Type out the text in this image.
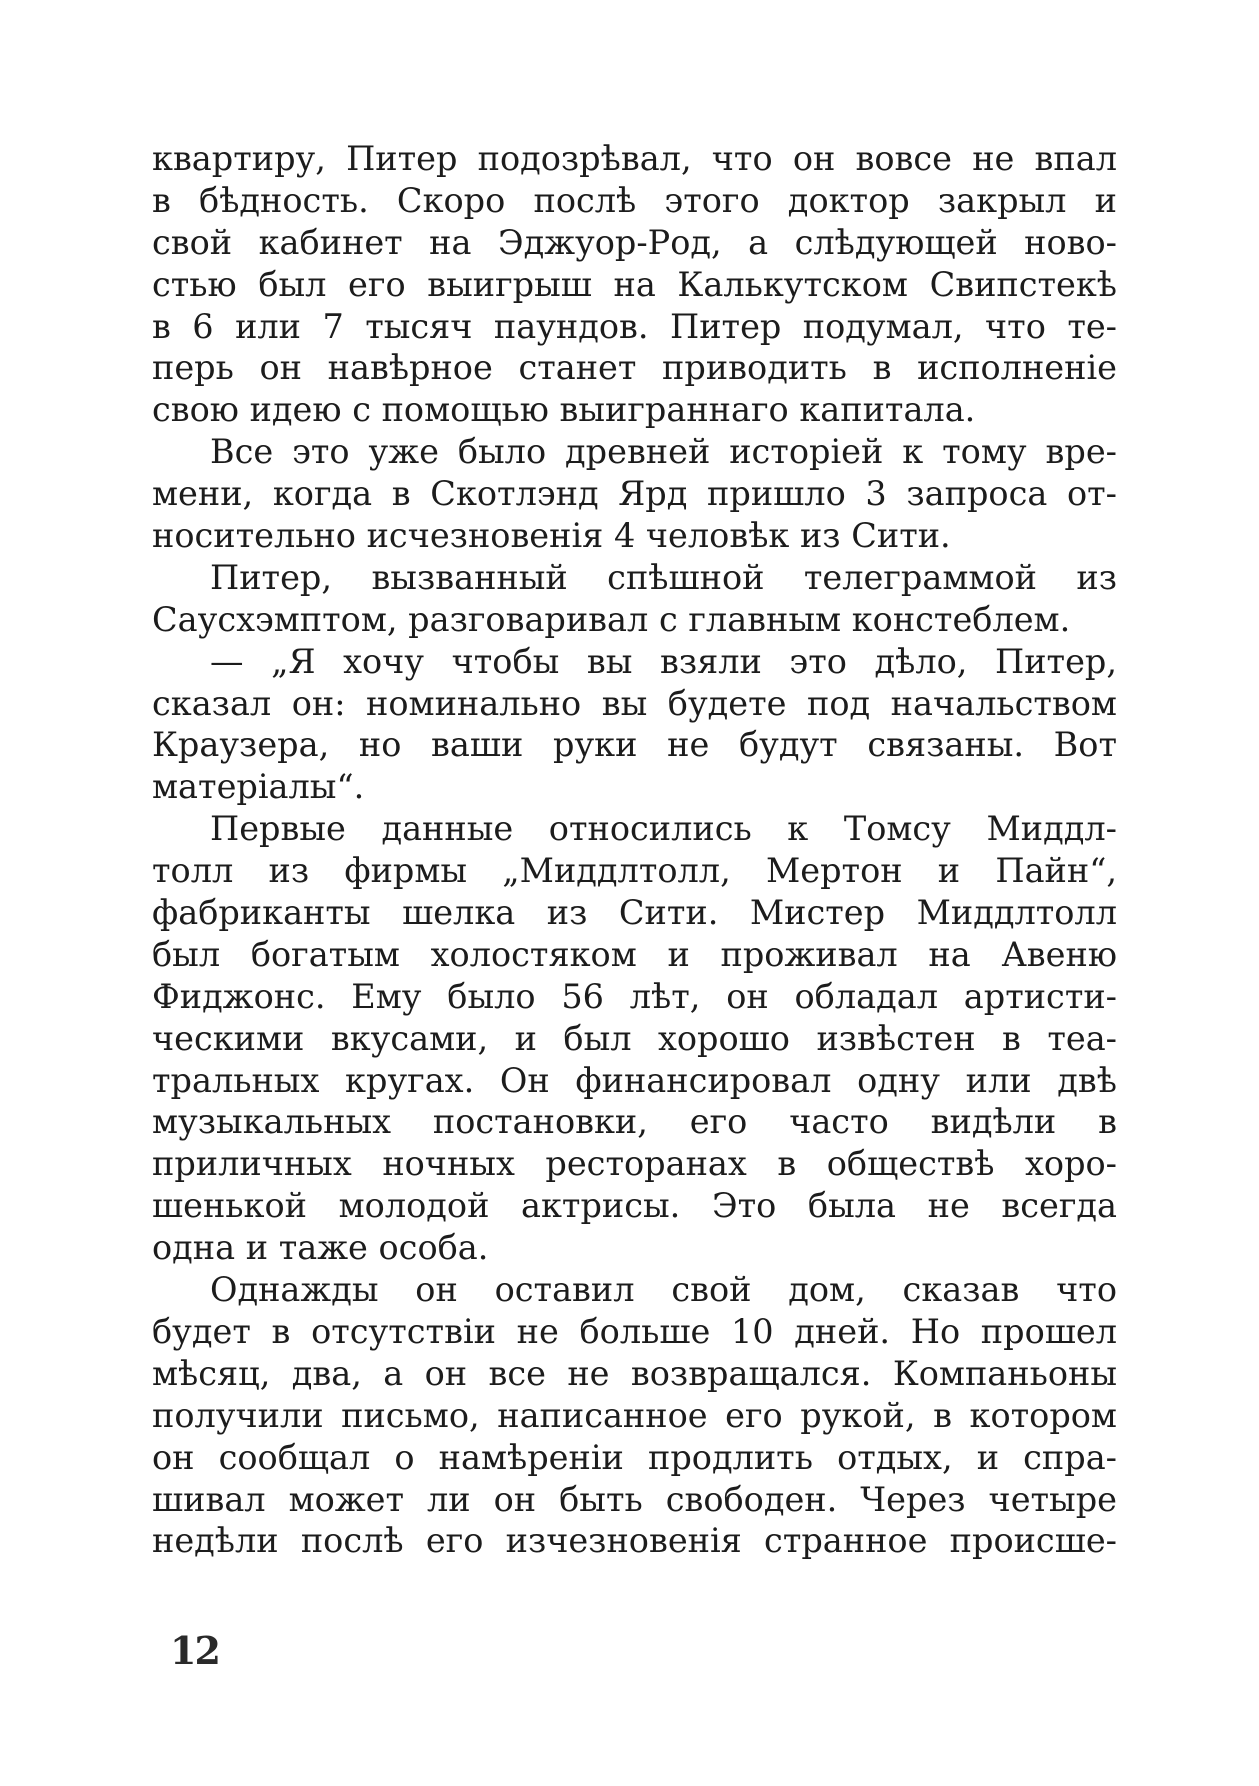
квартиру, Питер подозрѣвал, что он вовсе не впал
в бѣдность. Скоро послѣ этого доктор закрыл и
свой кабинет на Эджуор-Род, а слѣдующей ново-
стью был его выигрыш на Калькутском Свипстекѣ
в 6 или 7 тысяч паундов. Питер подумал, что те-
перь он навѣрное станет приводить в исполненіе
свою идею с помощью выиграннаго капитала.
Все это уже было древней исторіей к тому вре-
мени, когда в Скотлэнд Ярд пришло 3 запроса от-
носительно исчезновенія 4 человѣк из Сити.
Питер, вызванный спѣшной телеграммой из
Саусхэмптом, разговаривал с главным констеблем.
— „Я хочу чтобы вы взяли это дѣло, Питер,
сказал он: номинально вы будете под начальством
Краузера, но ваши руки не будут связаны. Вот
матеріалы“.
Первые данные относились к Томсу Миддл-
толл из фирмы „Миддлтолл, Мертон и Пайн“,
фабриканты шелка из Сити. Мистер Миддлтолл
был богатым холостяком и проживал на Авеню
Фиджонс. Ему было 56 лѣт, он обладал артисти-
ческими вкусами, и был хорошо извѣстен в теа-
тральных кругах. Он финансировал одну или двѣ
музыкальных постановки, его часто видѣли в
приличных ночных ресторанах в обществѣ хоро-
шенькой молодой актрисы. Это была не всегда
одна и таже особа.
Однажды он оставил свой дом, сказав что
будет в отсутствіи не больше 10 дней. Но прошел
мѣсяц, два, а он все не возвращался. Компаньоны
получили письмо, написанное его рукой, в котором
он сообщал о намѣреніи продлить отдых, и спра-
шивал может ли он быть свободен. Через четыре
недѣли послѣ его изчезновенія странное происше-
12
